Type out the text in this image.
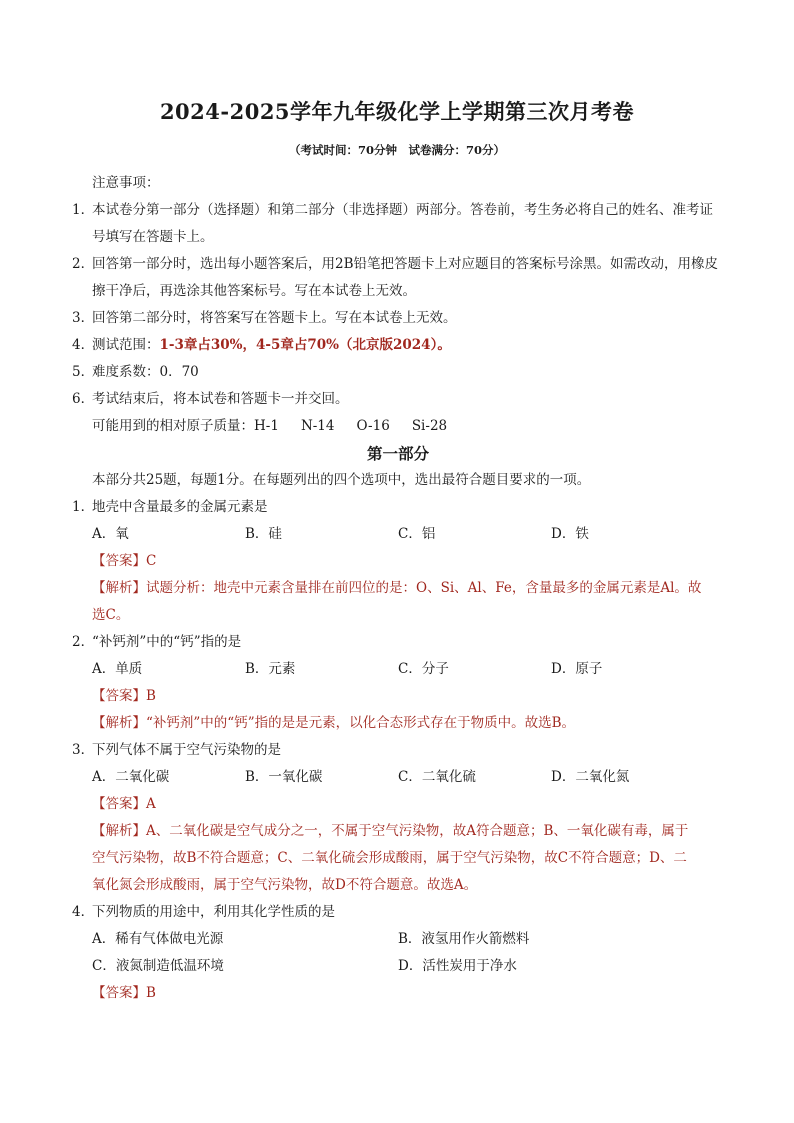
2024-2025学年九年级化学上学期第三次月考卷
（考试时间：70分钟　试卷满分：70分）
注意事项：
1．
本试卷分第一部分（选择题）和第二部分（非选择题）两部分。答卷前，考生务必将自己的姓名、准考证号填写在答题卡上。
2．
回答第一部分时，选出每小题答案后，用2B铅笔把答题卡上对应题目的答案标号涂黑。如需改动，用橡皮擦干净后，再选涂其他答案标号。写在本试卷上无效。
3．
回答第二部分时，将答案写在答题卡上。写在本试卷上无效。
4．
测试范围：1-3章占30%，4-5章占70%（北京版2024）。
5．
难度系数：0．70
6．
考试结束后，将本试卷和答题卡一并交回。
可能用到的相对原子质量：H-1 N-14 O-16 Si-28
第一部分
本部分共25题，每题1分。在每题列出的四个选项中，选出最符合题目要求的一项。
1．
地壳中含量最多的金属元素是
A．氧	B．硅	C．铝	D．铁
【答案】C
【解析】试题分析：地壳中元素含量排在前四位的是：O、Si、Al、Fe，含量最多的金属元素是Al。故
选C。
2．
“补钙剂”中的“钙”指的是
A．单质	B．元素	C．分子	D．原子
【答案】B
【解析】“补钙剂”中的“钙”指的是是元素，以化合态形式存在于物质中。故选B。
3．
下列气体不属于空气污染物的是
A．二氧化碳	B．一氧化碳	C．二氧化硫	D．二氧化氮
【答案】A
【解析】A、二氧化碳是空气成分之一，不属于空气污染物，故A符合题意；B、一氧化碳有毒，属于
空气污染物，故B不符合题意；C、二氧化硫会形成酸雨，属于空气污染物，故C不符合题意；D、二
氧化氮会形成酸雨，属于空气污染物，故D不符合题意。故选A。
4．
下列物质的用途中，利用其化学性质的是
A．稀有气体做电光源	B．液氢用作火箭燃料
C．液氮制造低温环境	D．活性炭用于净水
【答案】B
